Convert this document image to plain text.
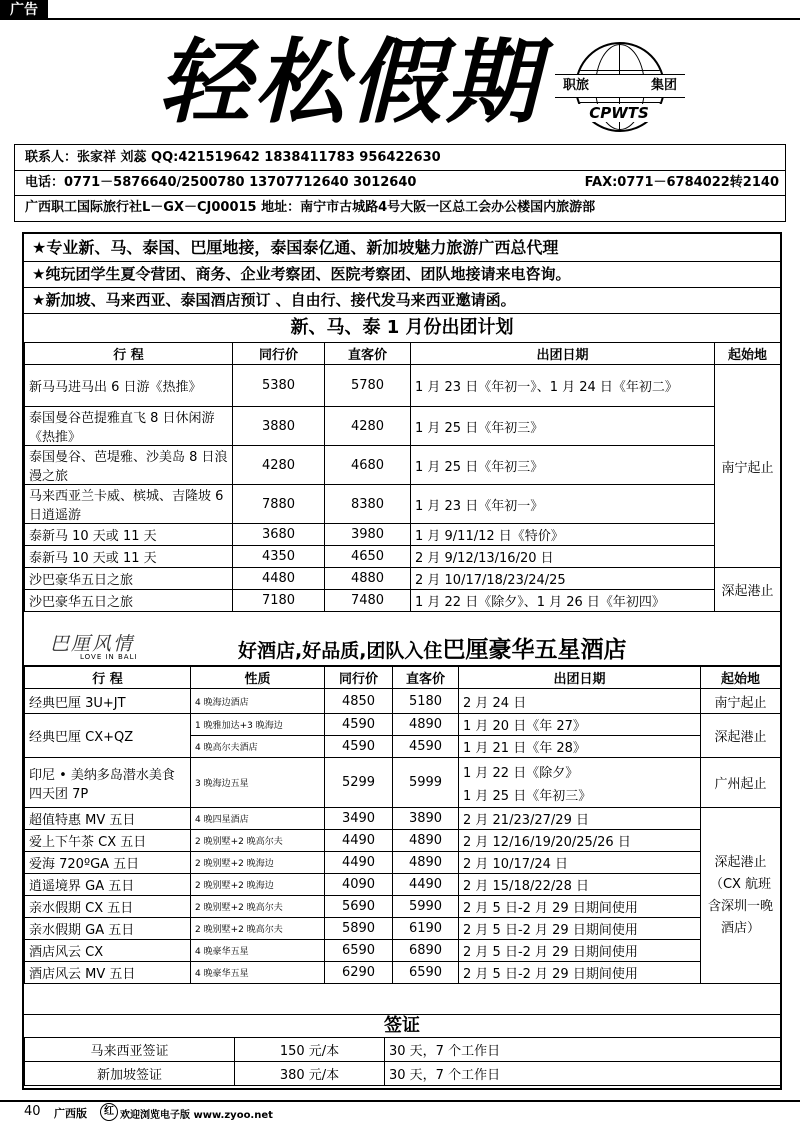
广告
轻松假期	职旅	集团
CPWTS
联系人：张家祥 刘蕊 QQ:421519642 1838411783 956422630
电话：0771－5876640/2500780 13707712640 3012640	FAX:0771－6784022转2140
广西职工国际旅行社L－GX－CJ00015 地址：南宁市古城路4号大阪一区总工会办公楼国内旅游部
★专业新、马、泰国、巴厘地接，泰国泰亿通、新加坡魅力旅游广西总代理
★纯玩团学生夏令营团、商务、企业考察团、医院考察团、团队地接请来电咨询。
★新加坡、马来西亚、泰国酒店预订 、自由行、接代发马来西亚邀请函。
新、马、泰 1 月份出团计划
行 程	同行价	直客价	出团日期	起始地
新马马进马出 6 日游《热推》	5380	5780	1 月 23 日《年初一》、1 月 24 日《年初二》	南宁起止
泰国曼谷芭提雅直飞 8 日休闲游《热推》	3880	4280	1 月 25 日《年初三》	
泰国曼谷、芭堤雅、沙美岛 8 日浪漫之旅	4280	4680	1 月 25 日《年初三》	
马来西亚兰卡威、槟城、吉隆坡 6 日逍遥游	7880	8380	1 月 23 日《年初一》	
泰新马 10 天或 11 天	3680	3980	1 月 9/11/12 日《特价》	
泰新马 10 天或 11 天	4350	4650	2 月 9/12/13/16/20 日	
沙巴豪华五日之旅	4480	4880	2 月 10/17/18/23/24/25	深起港止
沙巴豪华五日之旅	7180	7480	1 月 22 日《除夕》、1 月 26 日《年初四》	
巴厘风情
LOVE IN BALI	好酒店,好品质,团队入住巴厘豪华五星酒店
行 程	性质	同行价	直客价	出团日期	起始地
经典巴厘 3U+JT	4 晚海边酒店	4850	5180	2 月 24 日	南宁起止
经典巴厘 CX+QZ	1 晚雅加达+3 晚海边	4590	4890	1 月 20 日《年 27》	深起港止
	4 晚高尔夫酒店	4590	4590	1 月 21 日《年 28》	
印尼 • 美纳多岛潜水美食四天团 7P	3 晚海边五星	5299	5999	1 月 22 日《除夕》
1 月 25 日《年初三》	广州起止
超值特惠 MV 五日	4 晚四星酒店	3490	3890	2 月 21/23/27/29 日	深起港止
（CX 航班含深圳一晚酒店）
爱上下午茶 CX 五日	2 晚别墅+2 晚高尔夫	4490	4890	2 月 12/16/19/20/25/26 日	
爱海 720ºGA 五日	2 晚别墅+2 晚海边	4490	4890	2 月 10/17/24 日	
逍遥境界 GA 五日	2 晚别墅+2 晚海边	4090	4490	2 月 15/18/22/28 日	
亲水假期 CX 五日	2 晚别墅+2 晚高尔夫	5690	5990	2 月 5 日-2 月 29 日期间使用	
亲水假期 GA 五日	2 晚别墅+2 晚高尔夫	5890	6190	2 月 5 日-2 月 29 日期间使用	
酒店风云 CX	4 晚豪华五星	6590	6890	2 月 5 日-2 月 29 日期间使用	
酒店风云 MV 五日	4 晚豪华五星	6290	6590	2 月 5 日-2 月 29 日期间使用	
签证
马来西亚签证	150 元/本	30 天，7 个工作日
新加坡签证	380 元/本	30 天，7 个工作日
40 广西版	红 欢迎浏览电子版 www.zyoo.net
